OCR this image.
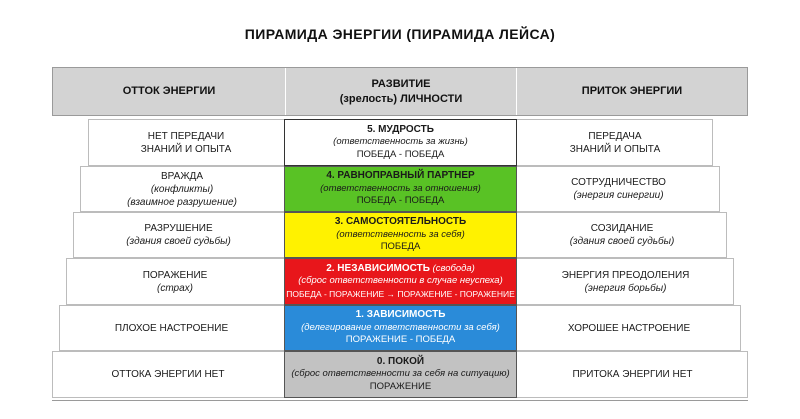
ПИРАМИДА ЭНЕРГИИ (ПИРАМИДА ЛЕЙСА)
ОТТОК ЭНЕРГИИ
РАЗВИТИЕ
(зрелость) ЛИЧНОСТИ
ПРИТОК ЭНЕРГИИ
НЕТ ПЕРЕДАЧИ
ЗНАНИЙ И ОПЫТА
5. МУДРОСТЬ
(ответственность за жизнь)
ПОБЕДА - ПОБЕДА
ПЕРЕДАЧА
ЗНАНИЙ И ОПЫТА
ВРАЖДА
(конфликты)
(взаимное разрушение)
4. РАВНОПРАВНЫЙ ПАРТНЕР
(ответственность за отношения)
ПОБЕДА - ПОБЕДА
СОТРУДНИЧЕСТВО
(энергия синергии)
РАЗРУШЕНИЕ
(здания своей судьбы)
3. САМОСТОЯТЕЛЬНОСТЬ
(ответственность за себя)
ПОБЕДА
СОЗИДАНИЕ
(здания своей судьбы)
ПОРАЖЕНИЕ
(страх)
2. НЕЗАВИСИМОСТЬ (свобода)
(сброс ответственности в случае неуспеха)
ПОБЕДА - ПОРАЖЕНИЕ → ПОРАЖЕНИЕ - ПОРАЖЕНИЕ
ЭНЕРГИЯ ПРЕОДОЛЕНИЯ
(энергия борьбы)
ПЛОХОЕ НАСТРОЕНИЕ
1. ЗАВИСИМОСТЬ
(делегирование ответственности за себя)
ПОРАЖЕНИЕ - ПОБЕДА
ХОРОШЕЕ НАСТРОЕНИЕ
ОТТОКА ЭНЕРГИИ НЕТ
0. ПОКОЙ
(сброс ответственности за себя на ситуацию)
ПОРАЖЕНИЕ
ПРИТОКА ЭНЕРГИИ НЕТ
